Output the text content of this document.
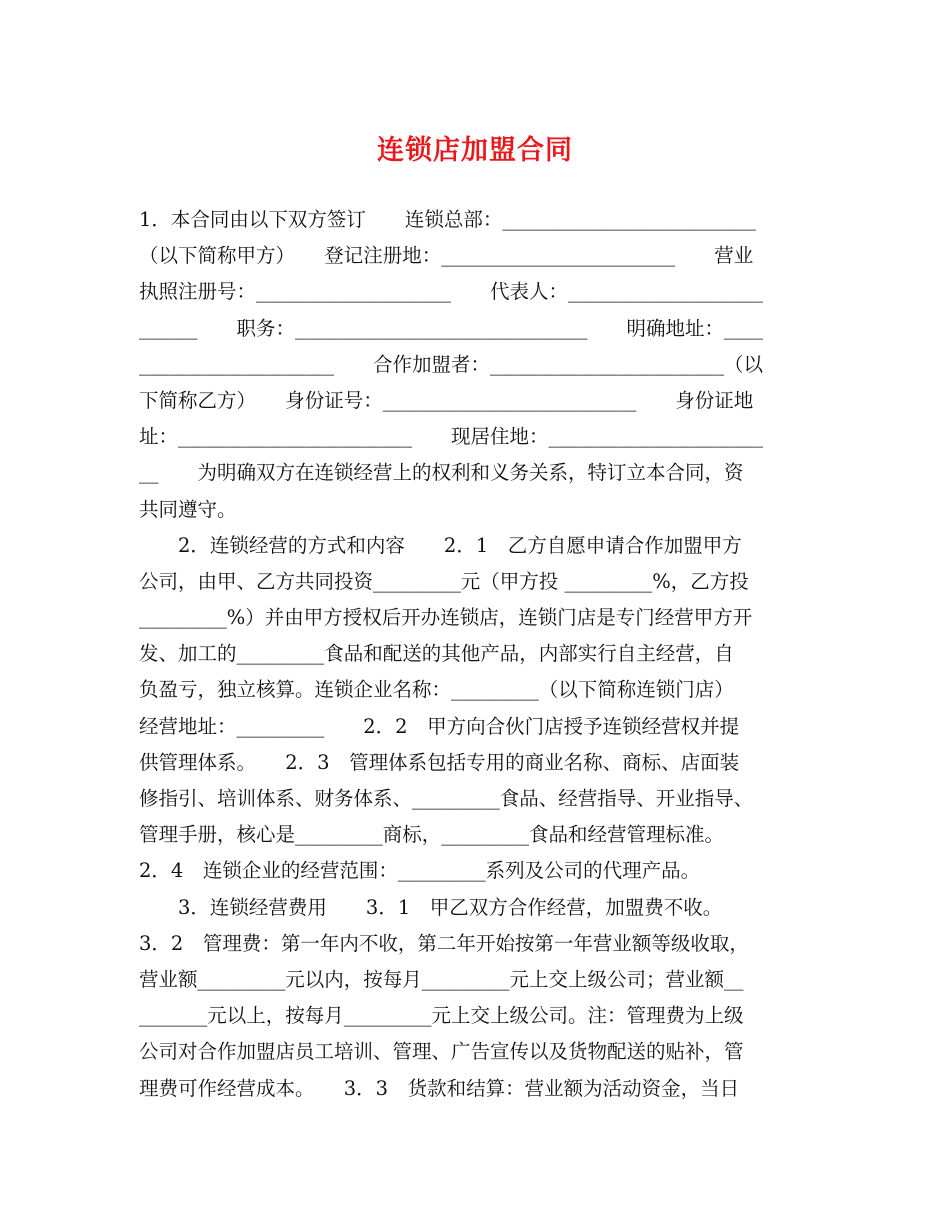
连锁店加盟合同
1．本合同由以下双方签订　　连锁总部：__________________________
（以下简称甲方）　　登记注册地：________________________　　营业
执照注册号：____________________　　代表人：____________________
______　　职务：______________________________　　明确地址：____
____________________　　合作加盟者：________________________（以
下简称乙方）　　身份证号：__________________________　　身份证地
址：________________________　　现居住地：______________________
__　　为明确双方在连锁经营上的权利和义务关系，特订立本合同，资
共同遵守。
　　2．连锁经营的方式和内容　　2．1　乙方自愿申请合作加盟甲方
公司，由甲、乙方共同投资_________元（甲方投 _________%，乙方投
_________%）并由甲方授权后开办连锁店，连锁门店是专门经营甲方开
发、加工的_________食品和配送的其他产品，内部实行自主经营，自
负盈亏，独立核算。连锁企业名称：_________（以下简称连锁门店）
经营地址：_________　　2．2　甲方向合伙门店授予连锁经营权并提
供管理体系。　　2．3　管理体系包括专用的商业名称、商标、店面装
修指引、培训体系、财务体系、_________食品、经营指导、开业指导、
管理手册，核心是_________商标，_________食品和经营管理标准。
2．4　连锁企业的经营范围：_________系列及公司的代理产品。
　　3．连锁经营费用　　3．1　甲乙双方合作经营，加盟费不收。
3．2　管理费：第一年内不收，第二年开始按第一年营业额等级收取，
营业额_________元以内，按每月_________元上交上级公司；营业额__
_______元以上，按每月_________元上交上级公司。注：管理费为上级
公司对合作加盟店员工培训、管理、广告宣传以及货物配送的贴补，管
理费可作经营成本。　　3．3　货款和结算：营业额为活动资金，当日
